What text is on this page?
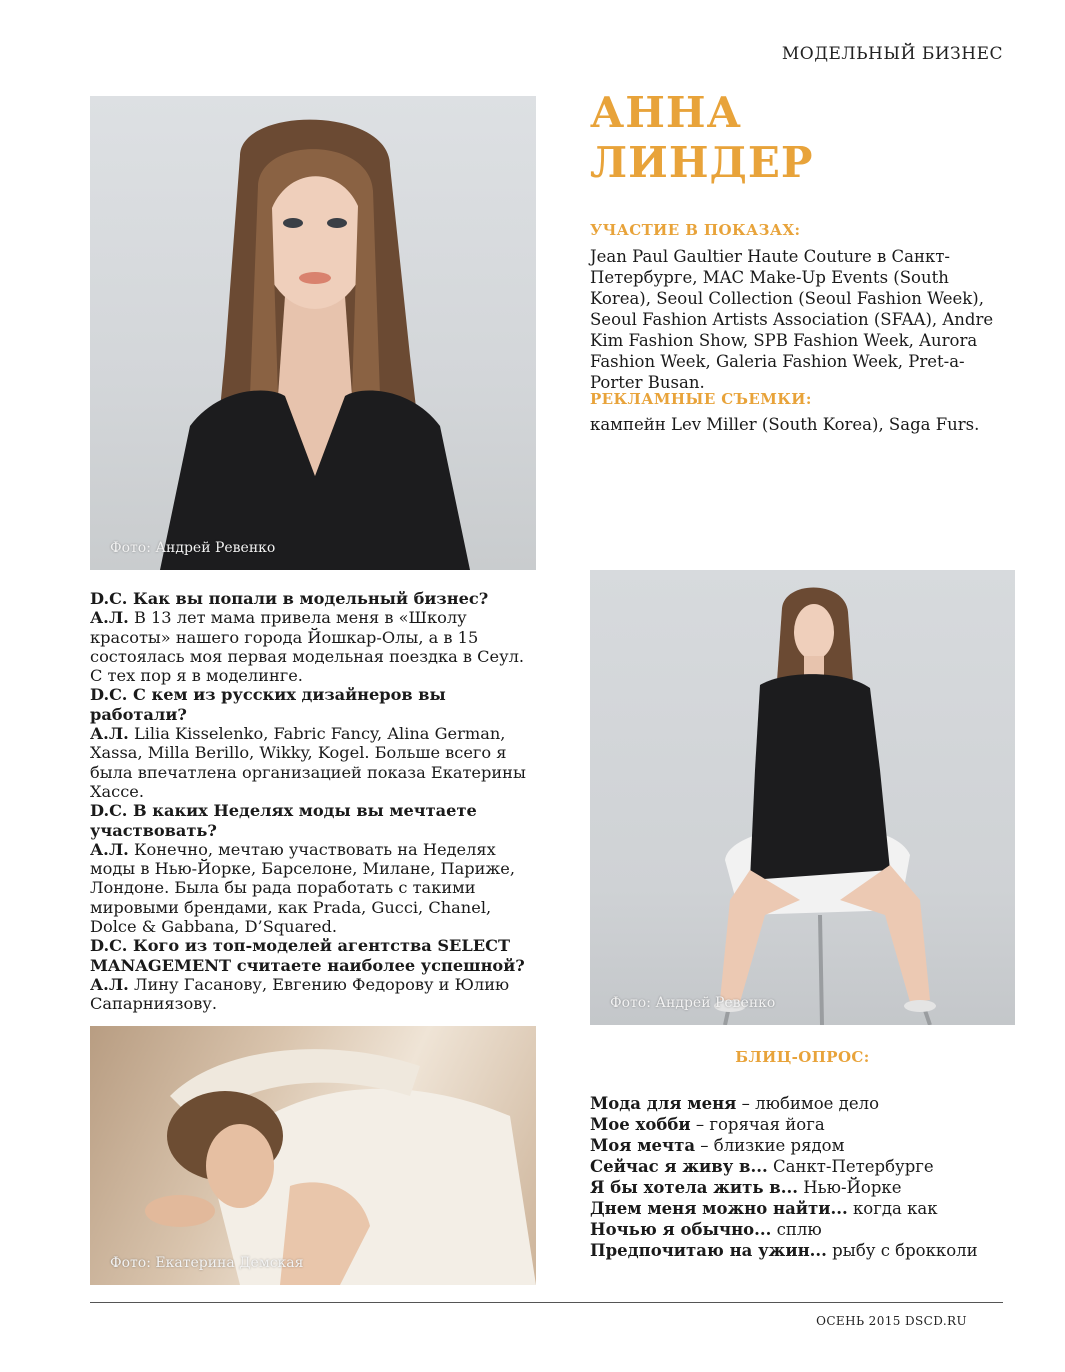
МОДЕЛЬНЫЙ БИЗНЕС
Фото: Андрей Ревенко
АННА
ЛИНДЕР
УЧАСТИЕ В ПОКАЗАХ:
Jean Paul Gaultier Haute Couture в Санкт-Петербурге, MAC Make-Up Events (South Korea), Seoul Collection (Seoul Fashion Week), Seoul Fashion Artists Association (SFAA), Andre Kim Fashion Show, SPB Fashion Week, Aurora Fashion Week, Galeria Fashion Week, Pret-a-Porter Busan.
РЕКЛАМНЫЕ СЪЕМКИ:
кампейн Lev Miller (South Korea), Saga Furs.

D.C. Как вы попали в модельный бизнес?

А.Л. В 13 лет мама привела меня в «Школу красоты» нашего города Йошкар-Олы, а в 15 состоялась моя первая модельная поездка в Сеул. С тех пор я в моделинге.

D.C. С кем из русских дизайнеров вы работали?

А.Л. Lilia Kisselenko, Fabric Fancy, Alina German, Xassa, Milla Berillo, Wikky, Kogel. Больше всего я была впечатлена организацией показа Екатерины Хассе.

D.C. В каких Неделях моды вы мечтаете участвовать?

А.Л. Конечно, мечтаю участвовать на Неделях моды в Нью-Йорке, Барселоне, Милане, Париже, Лондоне. Была бы рада поработать с такими мировыми брендами, как Prada, Gucci, Chanel, Dolce & Gabbana, D’Squared.

D.C. Кого из топ-моделей агентства SELECT MANAGEMENT считаете наиболее успешной?

А.Л. Лину Гасанову, Евгению Федорову и Юлию Сапарниязову.	Фото: Андрей Ревенко
Фото: Екатерина Демская
БЛИЦ-ОПРОС:
Мода для меня – любимое дело
Мое хобби – горячая йога
Моя мечта – близкие рядом
Сейчас я живу в... Санкт-Петербурге
Я бы хотела жить в... Нью-Йорке
Днем меня можно найти... когда как
Ночью я обычно... сплю
Предпочитаю на ужин... рыбу с брокколи
ОСЕНЬ 2015 DSCD.RU
